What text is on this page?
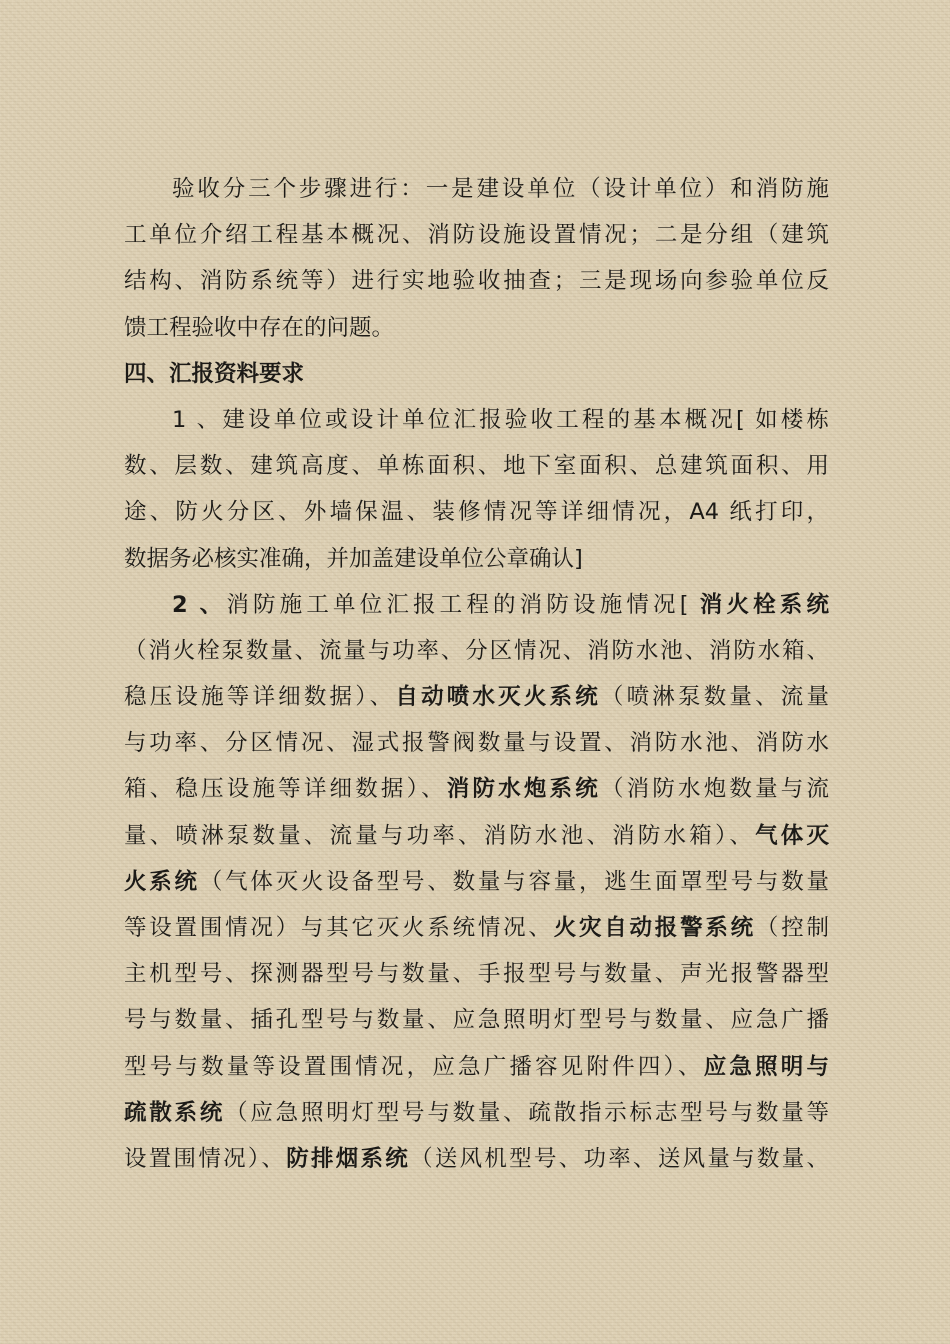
验收分三个步骤进行：一是建设单位（设计单位）和消防施
工单位介绍工程基本概况、消防设施设置情况；二是分组（建筑
结构、消防系统等）进行实地验收抽查；三是现场向参验单位反
馈工程验收中存在的问题。
四、汇报资料要求
1 、建设单位或设计单位汇报验收工程的基本概况[ 如楼栋
数、层数、建筑高度、单栋面积、地下室面积、总建筑面积、用
途、防火分区、外墙保温、装修情况等详细情况，A4 纸打印，
数据务必核实准确，并加盖建设单位公章确认]
2 、消防施工单位汇报工程的消防设施情况[ 消火栓系统
（消火栓泵数量、流量与功率、分区情况、消防水池、消防水箱、
稳压设施等详细数据）、自动喷水灭火系统（喷淋泵数量、流量
与功率、分区情况、湿式报警阀数量与设置、消防水池、消防水
箱、稳压设施等详细数据）、消防水炮系统（消防水炮数量与流
量、喷淋泵数量、流量与功率、消防水池、消防水箱）、气体灭
火系统（气体灭火设备型号、数量与容量，逃生面罩型号与数量
等设置围情况）与其它灭火系统情况、火灾自动报警系统（控制
主机型号、探测器型号与数量、手报型号与数量、声光报警器型
号与数量、插孔型号与数量、应急照明灯型号与数量、应急广播
型号与数量等设置围情况，应急广播容见附件四）、应急照明与
疏散系统（应急照明灯型号与数量、疏散指示标志型号与数量等
设置围情况）、防排烟系统（送风机型号、功率、送风量与数量、
